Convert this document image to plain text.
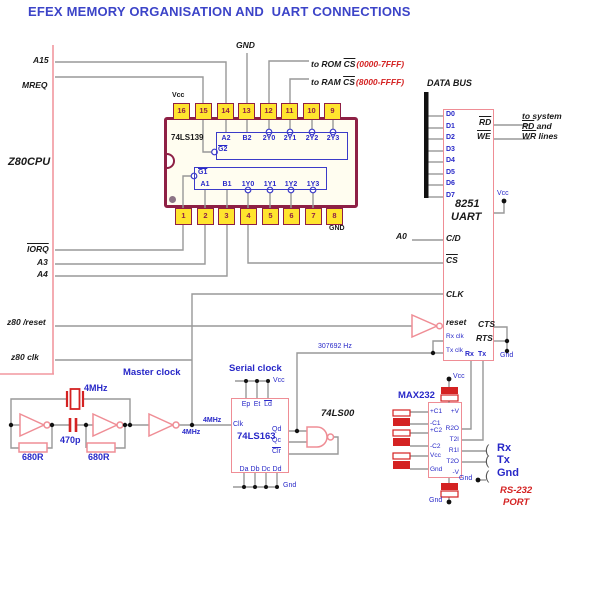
EFEX MEMORY ORGANISATION AND  UART CONNECTIONS
A15
MREQ
Z80CPU
IORQ
A3
A4
z80 /reset
z80 clk
GND
to ROM $\overline{CS}(0000-7FFF)$
to RAM $\overline{CS}(8000-FFFF)$
16	15	14	13	12	11	10	9
1	2	3	4	5	6	7	8
Vcc
GND
74LS139
G2
A2 B2 2Y0 2Y1 2Y2 2Y3
G1
A1 B1 1Y0 1Y1 1Y2 1Y3
DATA BUS
D0
D1
D2
D3
D4
D5
D6
D7
$\overline{RD}$
$\overline{WE}$
to system
$\overline{RD}$ and
$\overline{WR}$ lines
8251
UART
Vcc
A0	C/D
$\overline{CS}$
CLK
reset
Rx clk
Tx clk
CTS
RTS
Gnd
Rx Tx
307692 Hz
Master clock
4MHz
470p
680R	680R
4MHz
4MHz
Serial clock
Vcc
Ep Et $\overline{Ld}$
Clk
74LS163
Qd
Qc
$\overline{Clr}$
Da Db Dc Dd
Gnd
74LS00
MAX232
Vcc
+C1
-C1
+C2
-C2
Vcc
Gnd
+V
R2O
T2I
R1I
T2O
-V
Gnd
Gnd
(
(
(
Rx
Tx
Gnd
RS-232
PORT
